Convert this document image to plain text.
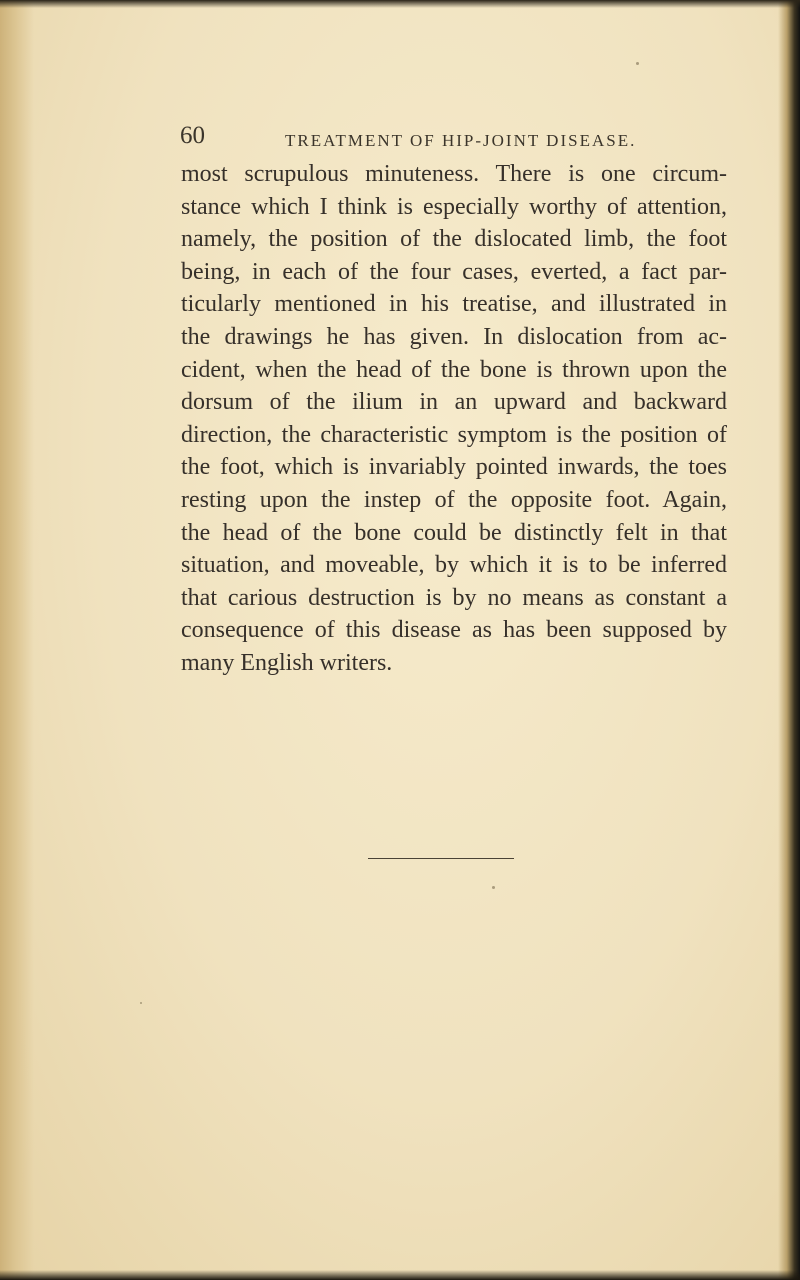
60	TREATMENT OF HIP-JOINT DISEASE.

most scrupulous minuteness. There is one circum-
stance which I think is especially worthy of attention,
namely, the position of the dislocated limb, the foot
being, in each of the four cases, everted, a fact par-
ticularly mentioned in his treatise, and illustrated in
the drawings he has given. In dislocation from ac-
cident, when the head of the bone is thrown upon the
dorsum of the ilium in an upward and backward
direction, the characteristic symptom is the position of
the foot, which is invariably pointed inwards, the toes
resting upon the instep of the opposite foot. Again,
the head of the bone could be distinctly felt in that
situation, and moveable, by which it is to be inferred
that carious destruction is by no means as constant a
consequence of this disease as has been supposed by
many English writers.
